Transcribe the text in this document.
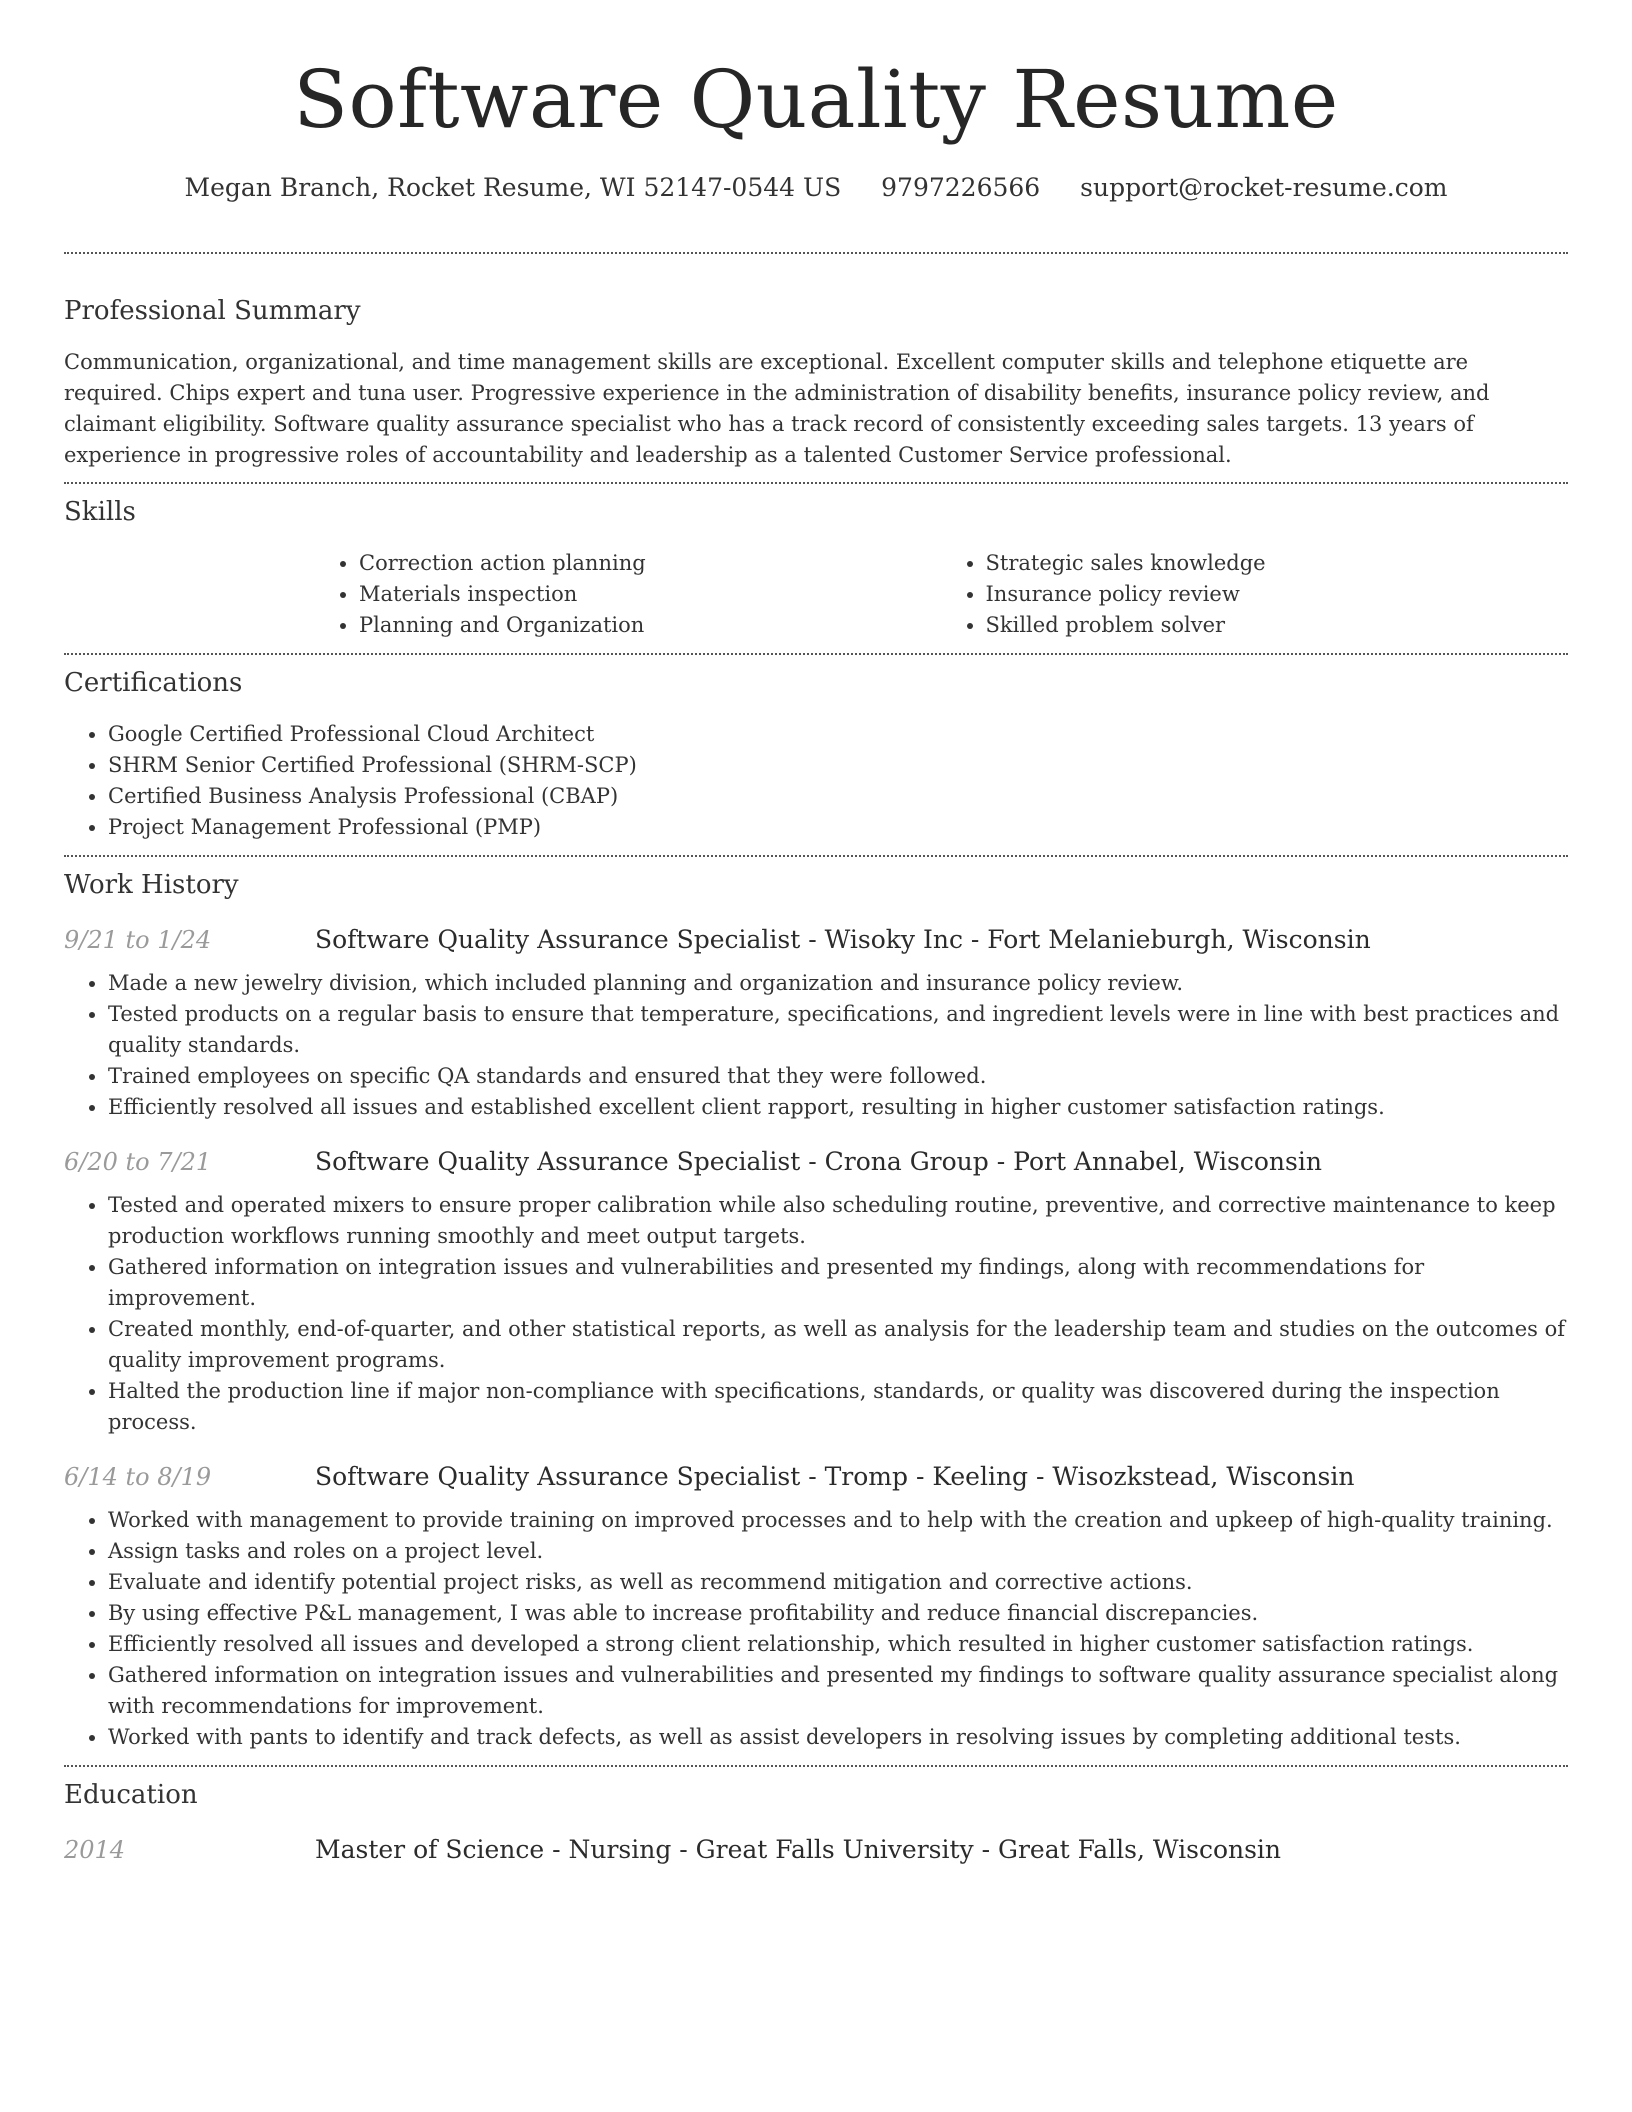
Software Quality Resume
Megan Branch, Rocket Resume, WI 52147-0544 US 9797226566 support@rocket-resume.com
Professional Summary

Communication, organizational, and time management skills are exceptional. Excellent computer skills and telephone etiquette are required. Chips expert and tuna user. Progressive experience in the administration of disability benefits, insurance policy review, and claimant eligibility. Software quality assurance specialist who has a track record of consistently exceeding sales targets. 13 years of experience in progressive roles of accountability and leadership as a talented Customer Service professional.

Skills
• Correction action planning
• Materials inspection
• Planning and Organization
• Strategic sales knowledge
• Insurance policy review
• Skilled problem solver
Certifications
• Google Certified Professional Cloud Architect
• SHRM Senior Certified Professional (SHRM-SCP)
• Certified Business Analysis Professional (CBAP)
• Project Management Professional (PMP)
Work History
9/21 to 1/24	Software Quality Assurance Specialist - Wisoky Inc - Fort Melanieburgh, Wisconsin
• Made a new jewelry division, which included planning and organization and insurance policy review.
• Tested products on a regular basis to ensure that temperature, specifications, and ingredient levels were in line with best practices and quality standards.
• Trained employees on specific QA standards and ensured that they were followed.
• Efficiently resolved all issues and established excellent client rapport, resulting in higher customer satisfaction ratings.
6/20 to 7/21	Software Quality Assurance Specialist - Crona Group - Port Annabel, Wisconsin
• Tested and operated mixers to ensure proper calibration while also scheduling routine, preventive, and corrective maintenance to keep production workflows running smoothly and meet output targets.
• Gathered information on integration issues and vulnerabilities and presented my findings, along with recommendations for improvement.
• Created monthly, end-of-quarter, and other statistical reports, as well as analysis for the leadership team and studies on the outcomes of quality improvement programs.
• Halted the production line if major non-compliance with specifications, standards, or quality was discovered during the inspection process.
6/14 to 8/19	Software Quality Assurance Specialist - Tromp - Keeling - Wisozkstead, Wisconsin
• Worked with management to provide training on improved processes and to help with the creation and upkeep of high-quality training.
• Assign tasks and roles on a project level.
• Evaluate and identify potential project risks, as well as recommend mitigation and corrective actions.
• By using effective P&L management, I was able to increase profitability and reduce financial discrepancies.
• Efficiently resolved all issues and developed a strong client relationship, which resulted in higher customer satisfaction ratings.
• Gathered information on integration issues and vulnerabilities and presented my findings to software quality assurance specialist along with recommendations for improvement.
• Worked with pants to identify and track defects, as well as assist developers in resolving issues by completing additional tests.
Education
2014	Master of Science - Nursing - Great Falls University - Great Falls, Wisconsin
